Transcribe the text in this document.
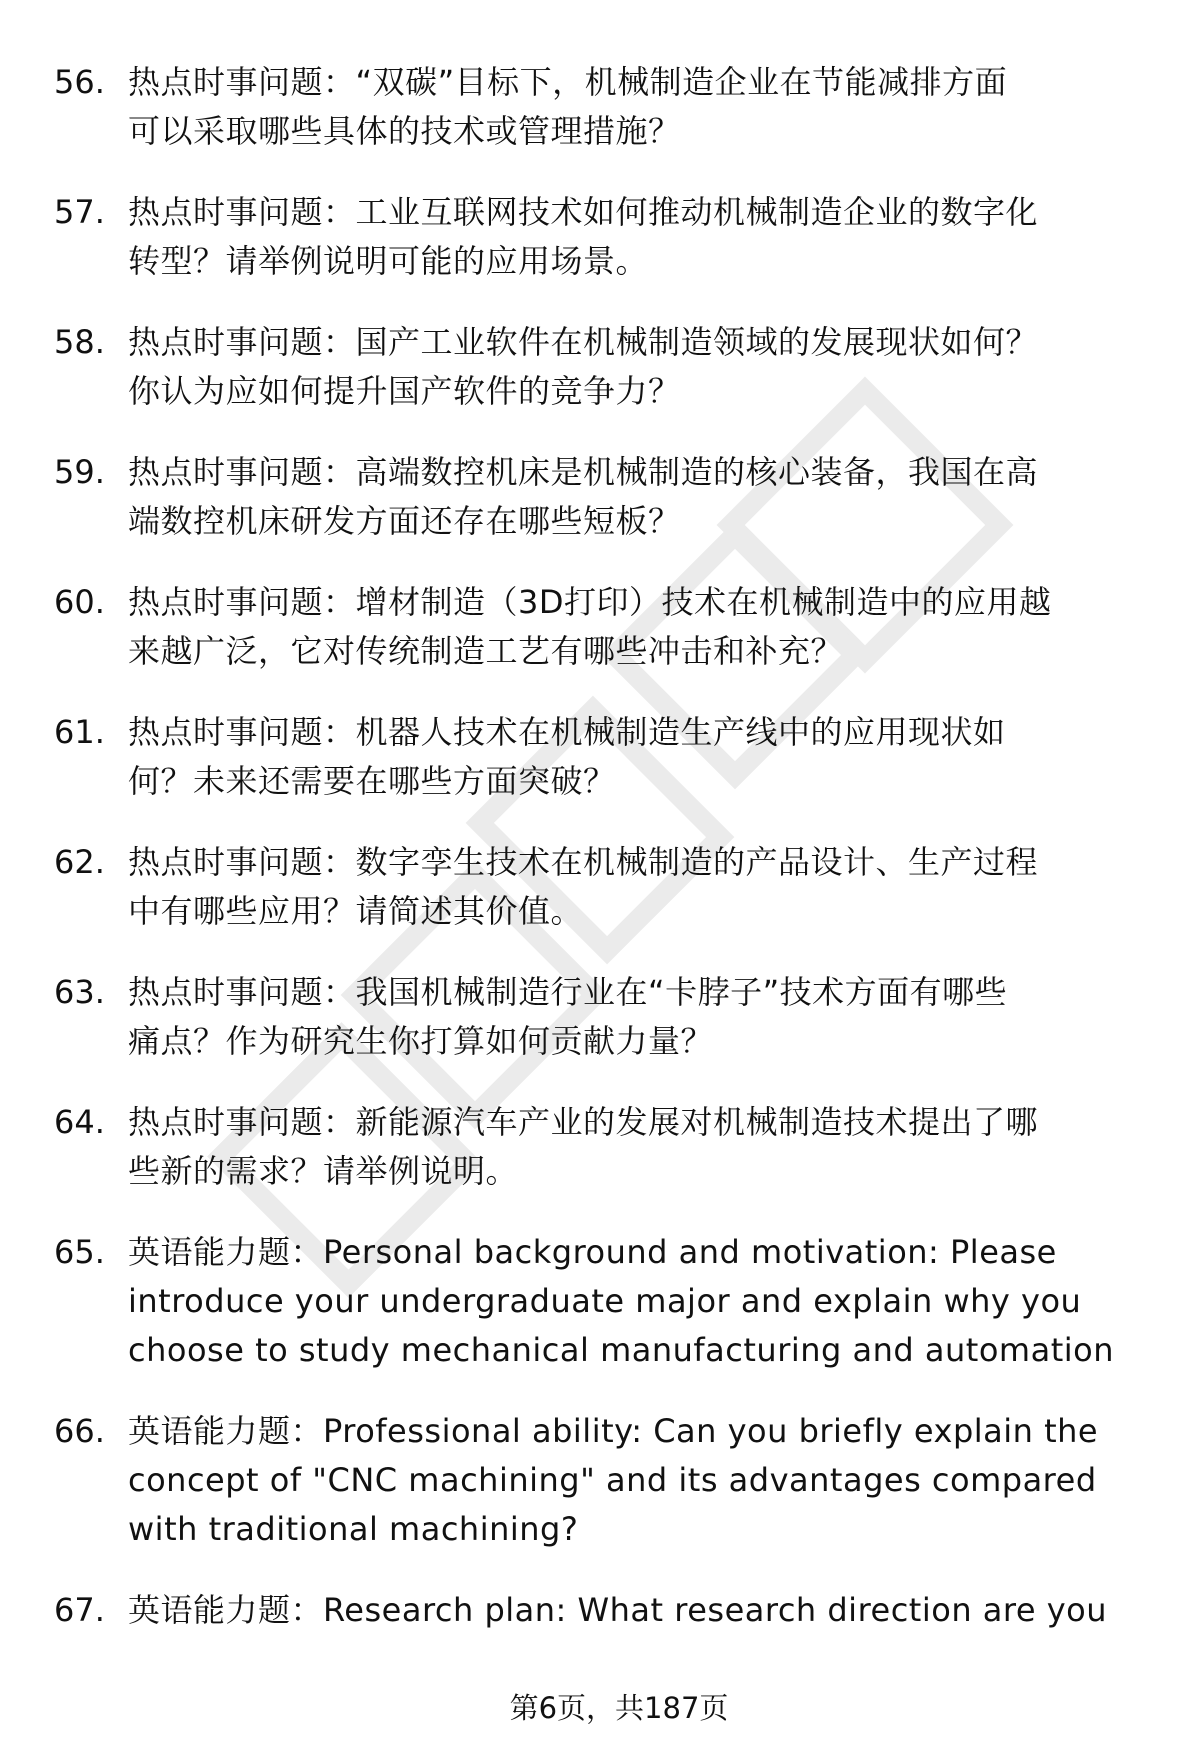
56. 热点时事问题：“双碳”目标下，机械制造企业在节能减排方面
可以采取哪些具体的技术或管理措施？
57. 热点时事问题：工业互联网技术如何推动机械制造企业的数字化
转型？请举例说明可能的应用场景。
58. 热点时事问题：国产工业软件在机械制造领域的发展现状如何？
你认为应如何提升国产软件的竞争力？
59. 热点时事问题：高端数控机床是机械制造的核心装备，我国在高
端数控机床研发方面还存在哪些短板？
60. 热点时事问题：增材制造（3D打印）技术在机械制造中的应用越
来越广泛，它对传统制造工艺有哪些冲击和补充？
61. 热点时事问题：机器人技术在机械制造生产线中的应用现状如
何？未来还需要在哪些方面突破？
62. 热点时事问题：数字孪生技术在机械制造的产品设计、生产过程
中有哪些应用？请简述其价值。
63. 热点时事问题：我国机械制造行业在“卡脖子”技术方面有哪些
痛点？作为研究生你打算如何贡献力量？
64. 热点时事问题：新能源汽车产业的发展对机械制造技术提出了哪
些新的需求？请举例说明。
65. 英语能力题：Personal background and motivation: Please
introduce your undergraduate major and explain why you
choose to study mechanical manufacturing and automation
66. 英语能力题：Professional ability: Can you briefly explain the
concept of "CNC machining" and its advantages compared
with traditional machining?
67. 英语能力题：Research plan: What research direction are you
第6页，共187页
